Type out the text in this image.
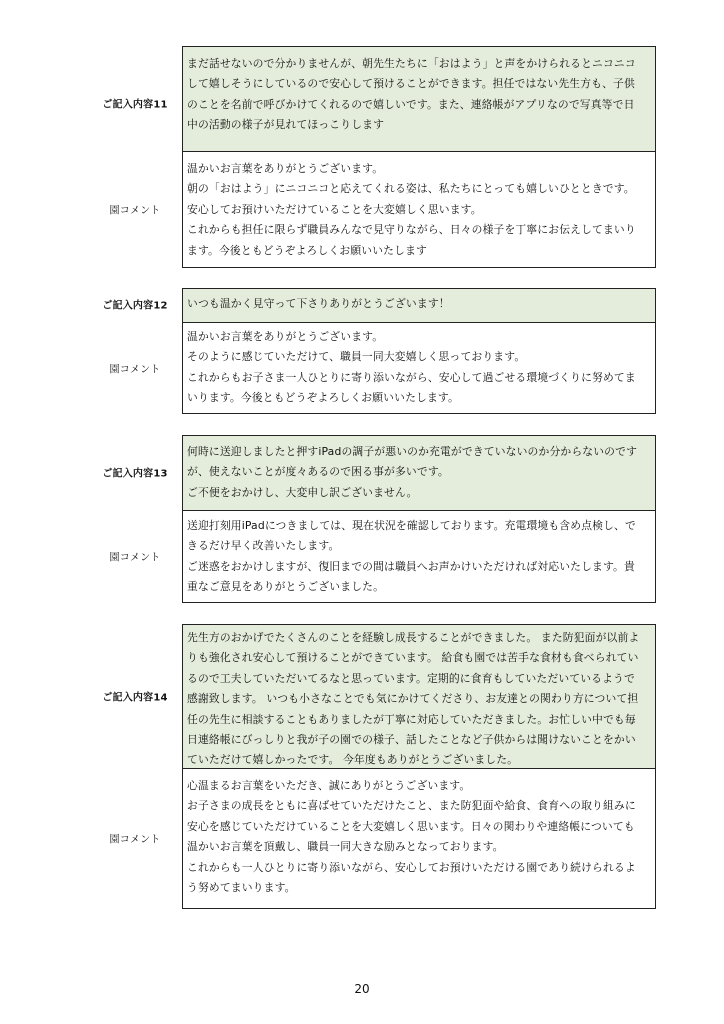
ご記入内容11

まだ話せないので分かりませんが、朝先生たちに「おはよう」と声をかけられるとニコニコ

して嬉しそうにしているので安心して預けることができます。担任ではない先生方も、子供

のことを名前で呼びかけてくれるので嬉しいです。また、連絡帳がアプリなので写真等で日

中の活動の様子が見れてほっこりします

園コメント

温かいお言葉をありがとうございます。

朝の「おはよう」にニコニコと応えてくれる姿は、私たちにとっても嬉しいひとときです。

安心してお預けいただけていることを大変嬉しく思います。

これからも担任に限らず職員みんなで見守りながら、日々の様子を丁寧にお伝えしてまいり

ます。今後ともどうぞよろしくお願いいたします

ご記入内容12	いつも温かく見守って下さりありがとうございます！

園コメント

温かいお言葉をありがとうございます。

そのように感じていただけて、職員一同大変嬉しく思っております。

これからもお子さま一人ひとりに寄り添いながら、安心して過ごせる環境づくりに努めてま

いります。今後ともどうぞよろしくお願いいたします。

ご記入内容13

何時に送迎しましたと押すiPadの調子が悪いのか充電ができていないのか分からないのです

が、使えないことが度々あるので困る事が多いです。

ご不便をおかけし、大変申し訳ございません。

園コメント

送迎打刻用iPadにつきましては、現在状況を確認しております。充電環境も含め点検し、で

きるだけ早く改善いたします。

ご迷惑をおかけしますが、復旧までの間は職員へお声かけいただければ対応いたします。貴

重なご意見をありがとうございました。

ご記入内容14

先生方のおかげでたくさんのことを経験し成長することができました。 また防犯面が以前よ

りも強化され安心して預けることができています。 給食も園では苦手な食材も食べられてい

るので工夫していただいてるなと思っています。定期的に食育もしていただいているようで

感謝致します。 いつも小さなことでも気にかけてくださり、お友達との関わり方について担

任の先生に相談することもありましたが丁寧に対応していただきました。お忙しい中でも毎

日連絡帳にびっしりと我が子の園での様子、話したことなど子供からは聞けないことをかい

ていただけて嬉しかったです。 今年度もありがとうございました。

園コメント

心温まるお言葉をいただき、誠にありがとうございます。

お子さまの成長をともに喜ばせていただけたこと、また防犯面や給食、食育への取り組みに

安心を感じていただけていることを大変嬉しく思います。日々の関わりや連絡帳についても

温かいお言葉を頂戴し、職員一同大きな励みとなっております。

これからも一人ひとりに寄り添いながら、安心してお預けいただける園であり続けられるよ

う努めてまいります。

20
